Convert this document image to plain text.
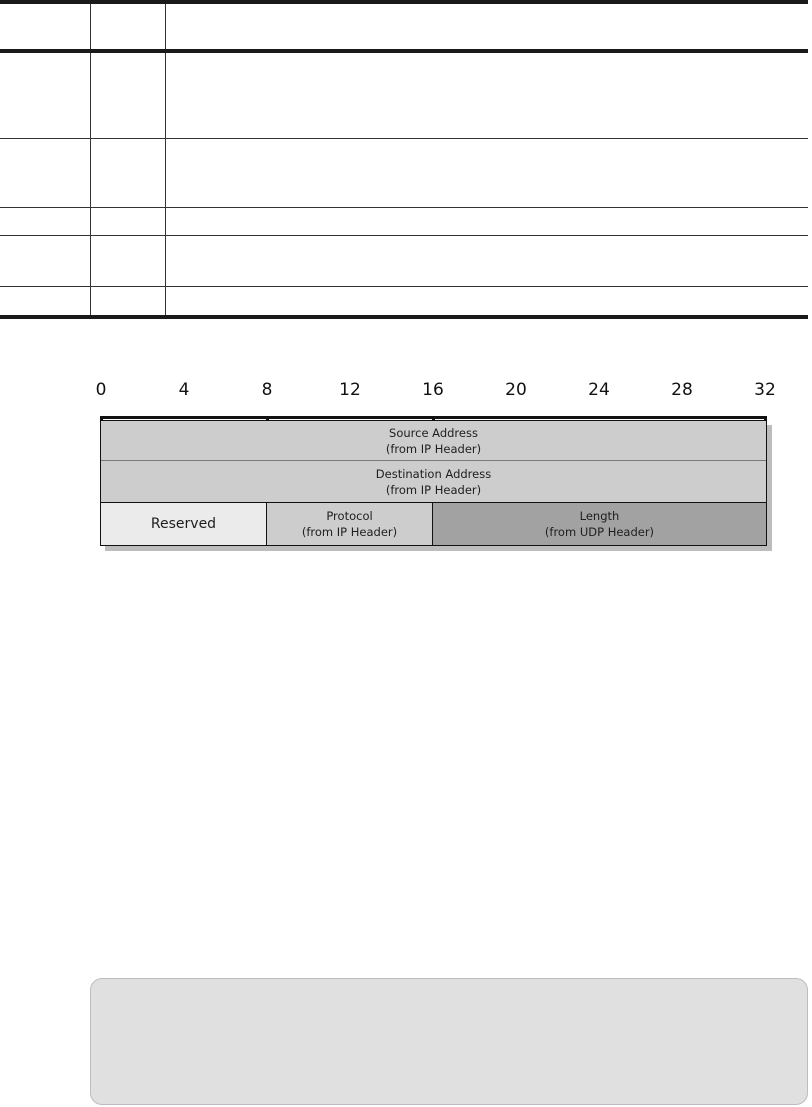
0	4	8	12	16	20	24	28	32
Source Address
(from IP Header)
Destination Address
(from IP Header)
Reserved	Protocol
(from IP Header)
Length
(from UDP Header)
